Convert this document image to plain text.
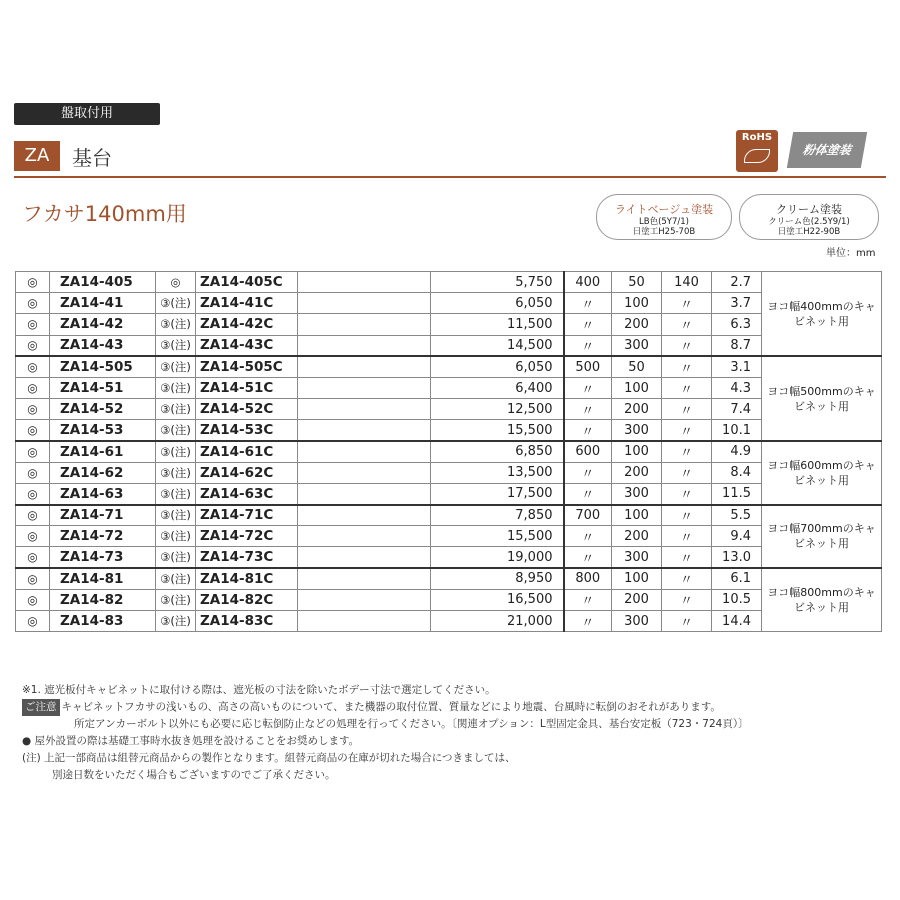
盤取付用
ZA	基台
RoHS
粉体塗装
フカサ140mm用	ライトベージュ塗装
LB色(5Y7/1)
日塗工H25-70B
クリーム塗装
クリーム色(2.5Y9/1)
日塗工H22-90B
単位：mm
◎	ZA14-405	◎	ZA14-405C		5,750	400	50	140	2.7	ヨコ幅400mmのキャビネット用
◎	ZA14-41	③(注)	ZA14-41C		6,050	〃	100	〃	3.7	
◎	ZA14-42	③(注)	ZA14-42C		11,500	〃	200	〃	6.3	
◎	ZA14-43	③(注)	ZA14-43C		14,500	〃	300	〃	8.7	
◎	ZA14-505	③(注)	ZA14-505C		6,050	500	50	〃	3.1	ヨコ幅500mmのキャビネット用
◎	ZA14-51	③(注)	ZA14-51C		6,400	〃	100	〃	4.3	
◎	ZA14-52	③(注)	ZA14-52C		12,500	〃	200	〃	7.4	
◎	ZA14-53	③(注)	ZA14-53C		15,500	〃	300	〃	10.1	
◎	ZA14-61	③(注)	ZA14-61C		6,850	600	100	〃	4.9	ヨコ幅600mmのキャビネット用
◎	ZA14-62	③(注)	ZA14-62C		13,500	〃	200	〃	8.4	
◎	ZA14-63	③(注)	ZA14-63C		17,500	〃	300	〃	11.5	
◎	ZA14-71	③(注)	ZA14-71C		7,850	700	100	〃	5.5	ヨコ幅700mmのキャビネット用
◎	ZA14-72	③(注)	ZA14-72C		15,500	〃	200	〃	9.4	
◎	ZA14-73	③(注)	ZA14-73C		19,000	〃	300	〃	13.0	
◎	ZA14-81	③(注)	ZA14-81C		8,950	800	100	〃	6.1	ヨコ幅800mmのキャビネット用
◎	ZA14-82	③(注)	ZA14-82C		16,500	〃	200	〃	10.5	
◎	ZA14-83	③(注)	ZA14-83C		21,000	〃	300	〃	14.4	
※1. 遮光板付キャビネットに取付ける際は、遮光板の寸法を除いたボデー寸法で選定してください。
ご注意 キャビネットフカサの浅いもの、高さの高いものについて、また機器の取付位置、質量などにより地震、台風時に転倒のおそれがあります。
所定アンカーボルト以外にも必要に応じ転倒防止などの処理を行ってください。〔関連オプション：L型固定金具、基台安定板（723・724頁）〕
● 屋外設置の際は基礎工事時水抜き処理を設けることをお奨めします。
(注) 上記一部商品は組替元商品からの製作となります。組替元商品の在庫が切れた場合につきましては、
別途日数をいただく場合もございますのでご了承ください。
